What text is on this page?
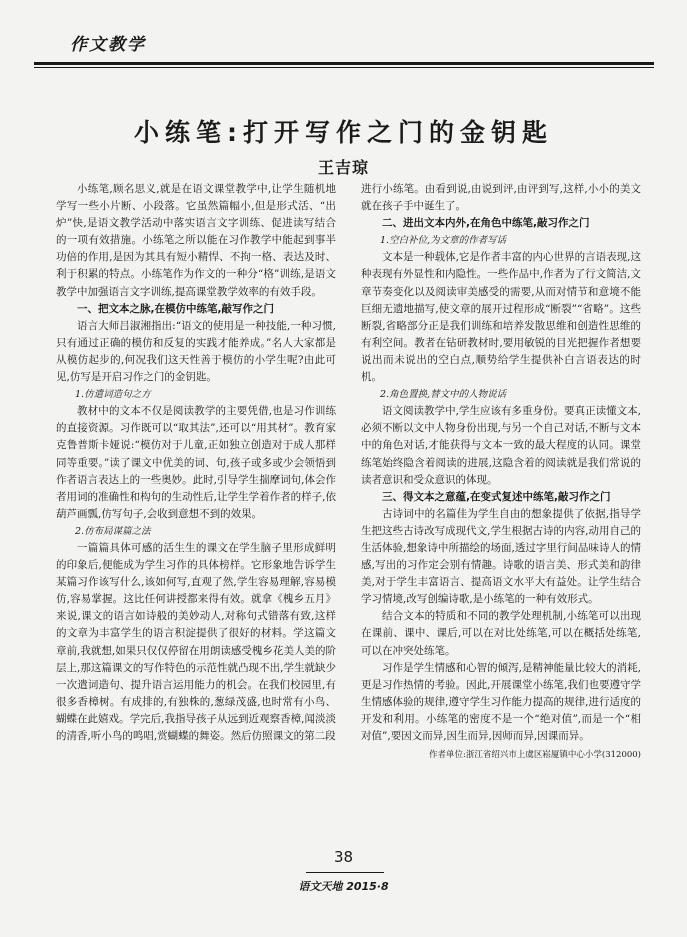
作文教学
小练笔:打开写作之门的金钥匙
王吉琼

小练笔,顾名思义,就是在语文课堂教学中,让学生随机地学写一些小片断、小段落。它虽然篇幅小,但是形式活、“出炉”快,是语文教学活动中落实语言文字训练、促进读写结合的一项有效措施。小练笔之所以能在习作教学中能起到事半功倍的作用,是因为其具有短小精悍、不拘一格、表达及时、利于积累的特点。小练笔作为作文的一种分“格”训练,是语文教学中加强语言文字训练,提高课堂教学效率的有效手段。

一、把文本之脉,在模仿中练笔,敲写作之门

语言大师吕淑湘指出:“语文的使用是一种技能,一种习惯,只有通过正确的模仿和反复的实践才能养成。”名人大家都是从模仿起步的,何况我们这天性善于模仿的小学生呢?由此可见,仿写是开启习作之门的金钥匙。

1.仿遣词造句之方

教材中的文本不仅是阅读教学的主要凭借,也是习作训练的直接资源。习作既可以“取其法”,还可以“用其材”。教育家克鲁普斯卡娅说:“模仿对于儿童,正如独立创造对于成人那样同等重要。”读了课文中优美的词、句,孩子或多或少会领悟到作者语言表达上的一些奥妙。此时,引导学生揣摩词句,体会作者用词的准确性和构句的生动性后,让学生学着作者的样子,依葫芦画瓢,仿写句子,会收到意想不到的效果。

2.仿布局谋篇之法

一篇篇具体可感的活生生的课文在学生脑子里形成鲜明的印象后,便能成为学生习作的具体榜样。它形象地告诉学生某篇习作该写什么,该如何写,直观了然,学生容易理解,容易模仿,容易掌握。这比任何讲授都来得有效。就拿《槐乡五月》来说,课文的语言如诗般的美妙动人,对称句式错落有致,这样的文章为丰富学生的语言积淀提供了很好的材料。学这篇文章前,我就想,如果只仅仅停留在用朗读感受槐乡花美人美的阶层上,那这篇课文的写作特色的示范性就凸现不出,学生就缺少一次遣词造句、提升语言运用能力的机会。在我们校园里,有很多香樟树。有成排的,有独株的,葱绿茂盛,也时常有小鸟、蝴蝶在此嬉戏。学完后,我指导孩子从远到近观察香樟,闻淡淡的清香,听小鸟的鸣唱,赏蝴蝶的舞姿。然后仿照课文的第二段

进行小练笔。由看到说,由说到评,由评到写,这样,小小的美文就在孩子手中诞生了。

二、进出文本内外,在角色中练笔,敲习作之门
1.空白补位,为文章的作者写话

文本是一种载体,它是作者丰富的内心世界的言语表现,这种表现有外显性和内隐性。一些作品中,作者为了行文简洁,文章节奏变化以及阅读审美感受的需要,从而对情节和意境不能巨细无遗地描写,使文章的展开过程形成“断裂”“省略”。这些断裂,省略部分正是我们训练和培养发散思维和创造性思维的有利空间。教者在钻研教材时,要用敏锐的目光把握作者想要说出而未说出的空白点,顺势给学生提供补白言语表达的时机。

2.角色置换,替文中的人物说话

语文阅读教学中,学生应该有多重身份。要真正读懂文本,必须不断以文中人物身份出现,与另一个自己对话,不断与文本中的角色对话,才能获得与文本一致的最大程度的认同。课堂练笔始终隐含着阅读的进展,这隐含着的阅读就是我们常说的读者意识和受众意识的体现。

三、得文本之意蕴,在变式复述中练笔,敲习作之门

古诗词中的名篇佳为学生自由的想象提供了依据,指导学生把这些古诗改写成现代文,学生根据古诗的内容,动用自己的生活体验,想象诗中所描绘的场面,透过字里行间品味诗人的情感,写出的习作定会别有情趣。诗歌的语言美、形式美和韵律美,对于学生丰富语言、提高语文水平大有益处。让学生结合学习情境,改写创编诗歌,是小练笔的一种有效形式。

结合文本的特质和不同的教学处理机制,小练笔可以出现在课前、课中、课后,可以在对比处练笔,可以在概括处练笔,可以在冲突处练笔。

习作是学生情感和心智的倾泻,是精神能量比较大的消耗,更是习作热情的考验。因此,开展课堂小练笔,我们也要遵守学生情感体验的规律,遵守学生习作能力提高的规律,进行适度的开发和利用。小练笔的密度不是一个“绝对值”,而是一个“相对值”,要因文而异,因生而异,因师而异,因课而异。

作者单位:浙江省绍兴市上虞区崧厦镇中心小学(312000)

38
语文天地 2015·8
